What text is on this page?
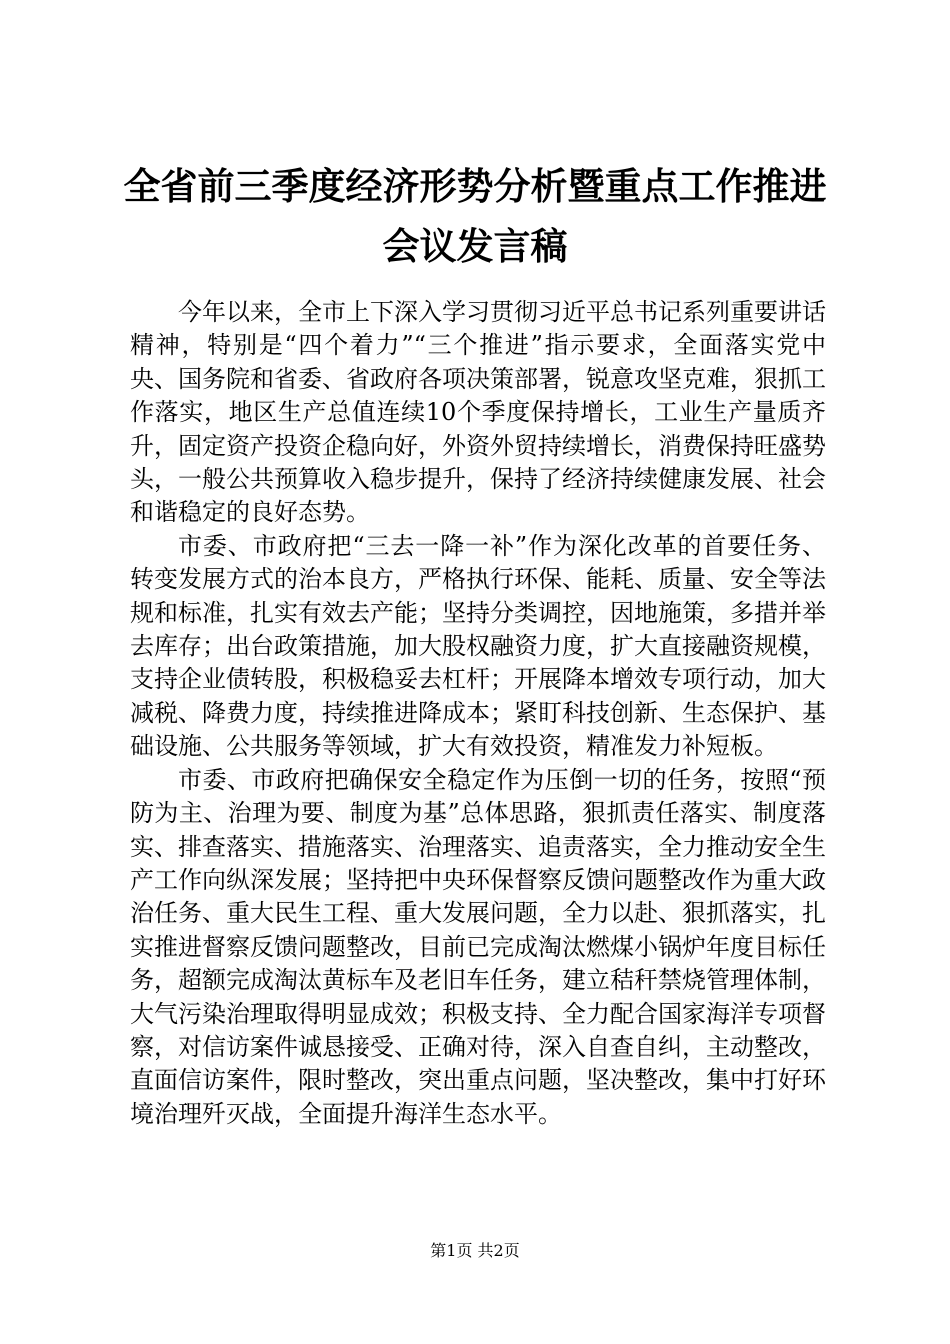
全省前三季度经济形势分析暨重点工作推进会议发言稿

今年以来，全市上下深入学习贯彻习近平总书记系列重要讲话精神，特别是“四个着力”“三个推进”指示要求，全面落实党中央、国务院和省委、省政府各项决策部署，锐意攻坚克难，狠抓工作落实，地区生产总值连续10个季度保持增长，工业生产量质齐升，固定资产投资企稳向好，外资外贸持续增长，消费保持旺盛势头，一般公共预算收入稳步提升，保持了经济持续健康发展、社会和谐稳定的良好态势。

市委、市政府把“三去一降一补”作为深化改革的首要任务、转变发展方式的治本良方，严格执行环保、能耗、质量、安全等法规和标准，扎实有效去产能；坚持分类调控，因地施策，多措并举去库存；出台政策措施，加大股权融资力度，扩大直接融资规模，支持企业债转股，积极稳妥去杠杆；开展降本增效专项行动，加大减税、降费力度，持续推进降成本；紧盯科技创新、生态保护、基础设施、公共服务等领域，扩大有效投资，精准发力补短板。

市委、市政府把确保安全稳定作为压倒一切的任务，按照“预防为主、治理为要、制度为基”总体思路，狠抓责任落实、制度落实、排查落实、措施落实、治理落实、追责落实，全力推动安全生产工作向纵深发展；坚持把中央环保督察反馈问题整改作为重大政治任务、重大民生工程、重大发展问题，全力以赴、狠抓落实，扎实推进督察反馈问题整改，目前已完成淘汰燃煤小锅炉年度目标任务，超额完成淘汰黄标车及老旧车任务，建立秸秆禁烧管理体制，大气污染治理取得明显成效；积极支持、全力配合国家海洋专项督察，对信访案件诚恳接受、正确对待，深入自查自纠，主动整改，直面信访案件，限时整改，突出重点问题，坚决整改，集中打好环境治理歼灭战，全面提升海洋生态水平。

第1页 共2页
